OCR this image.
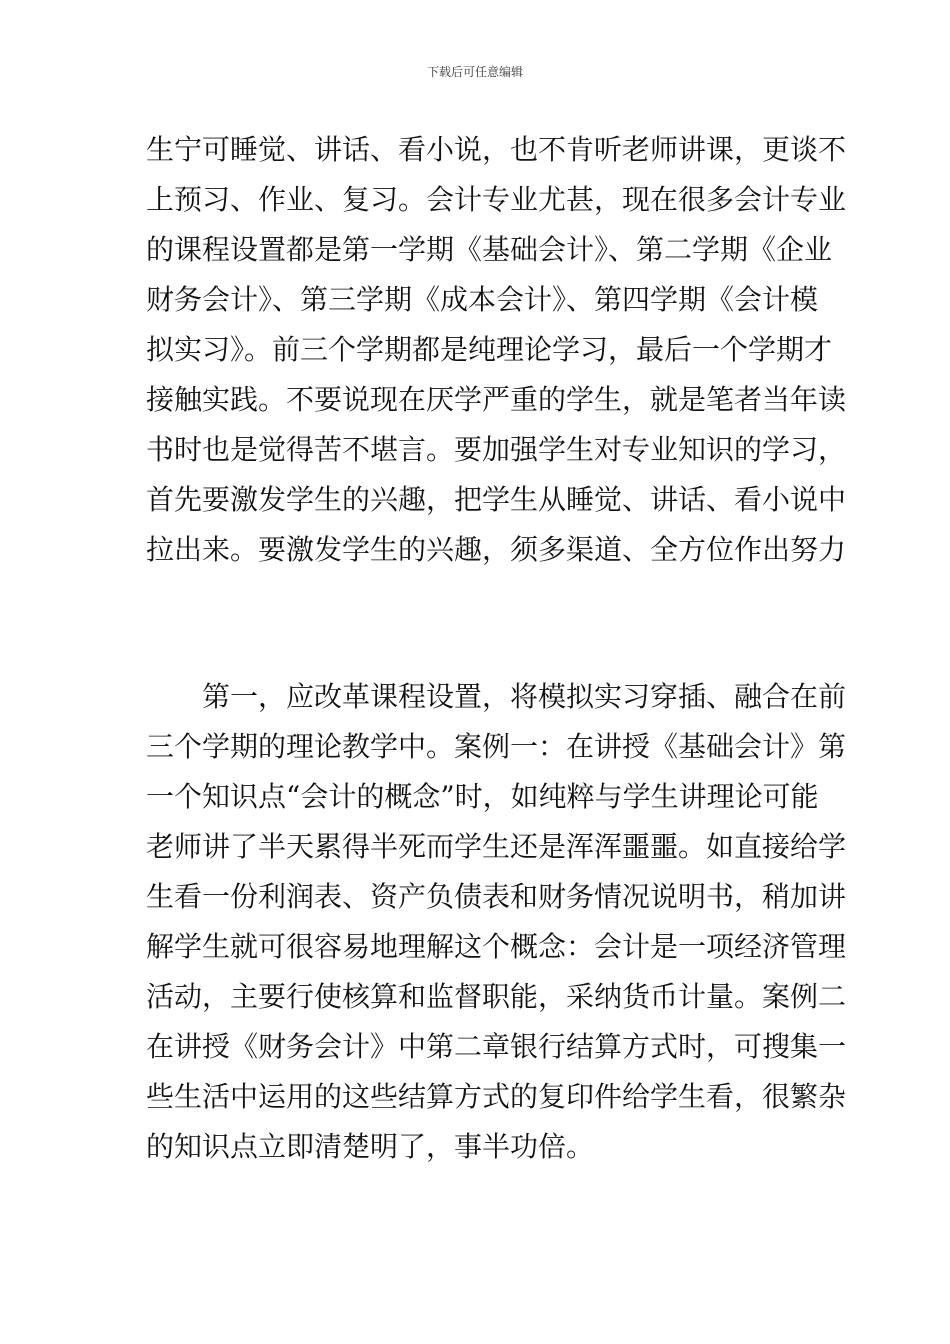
下载后可任意编辑
生宁可睡觉、讲话、看小说，也不肯听老师讲课，更谈不
上预习、作业、复习。会计专业尤甚，现在很多会计专业
的课程设置都是第一学期《基础会计》、第二学期《企业
财务会计》、第三学期《成本会计》、第四学期《会计模
拟实习》。前三个学期都是纯理论学习，最后一个学期才
接触实践。不要说现在厌学严重的学生，就是笔者当年读
书时也是觉得苦不堪言。要加强学生对专业知识的学习，
首先要激发学生的兴趣，把学生从睡觉、讲话、看小说中
拉出来。要激发学生的兴趣，须多渠道、全方位作出努力
第一，应改革课程设置，将模拟实习穿插、融合在前
三个学期的理论教学中。案例一：在讲授《基础会计》第
一个知识点“会计的概念”时，如纯粹与学生讲理论可能
老师讲了半天累得半死而学生还是浑浑噩噩。如直接给学
生看一份利润表、资产负债表和财务情况说明书，稍加讲
解学生就可很容易地理解这个概念：会计是一项经济管理
活动，主要行使核算和监督职能，采纳货币计量。案例二
在讲授《财务会计》中第二章银行结算方式时，可搜集一
些生活中运用的这些结算方式的复印件给学生看，很繁杂
的知识点立即清楚明了，事半功倍。
